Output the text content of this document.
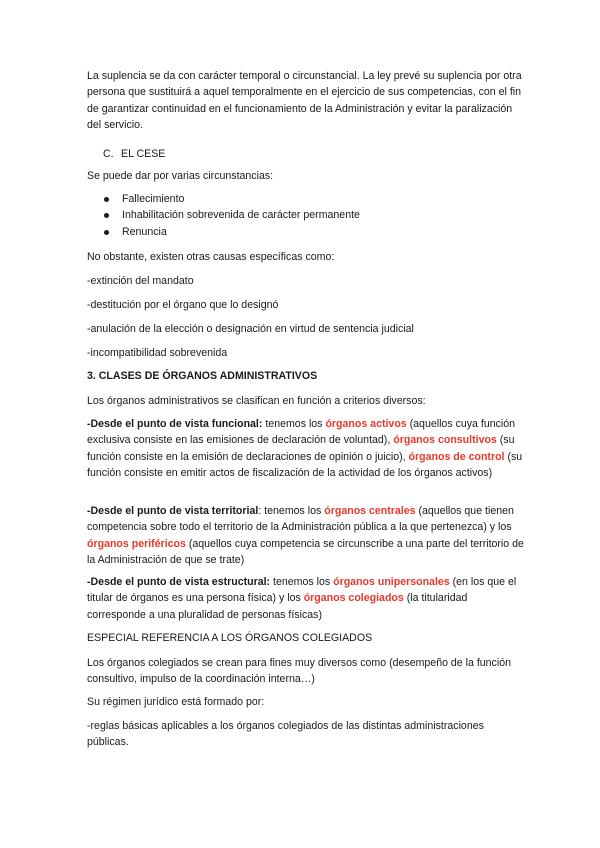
La suplencia se da con carácter temporal o circunstancial. La ley prevé su suplencia por otra persona que sustituirá a aquel temporalmente en el ejercicio de sus competencias, con el fin de garantizar continuidad en el funcionamiento de la Administración y evitar la paralización del servicio.

C. EL CESE

Se puede dar por varias circunstancias:

Fallecimiento
Inhabilitación sobrevenida de carácter permanente
Renuncia

No obstante, existen otras causas específicas como:

-extinción del mandato

-destitución por el órgano que lo designó

-anulación de la elección o designación en virtud de sentencia judicial

-incompatibilidad sobrevenida

3. CLASES DE ÓRGANOS ADMINISTRATIVOS

Los órganos administrativos se clasifican en función a criterios diversos:

-Desde el punto de vista funcional: tenemos los órganos activos (aquellos cuya función exclusiva consiste en las emisiones de declaración de voluntad), órganos consultivos (su función consiste en la emisión de declaraciones de opinión o juicio), órganos de control (su función consiste en emitir actos de fiscalización de la actividad de los órganos activos)

-Desde el punto de vista territorial: tenemos los órganos centrales (aquellos que tienen competencia sobre todo el territorio de la Administración pública a la que pertenezca) y los órganos periféricos (aquellos cuya competencia se circunscribe a una parte del territorio de la Administración de que se trate)

-Desde el punto de vista estructural: tenemos los órganos unipersonales (en los que el titular de órganos es una persona física) y los órganos colegiados (la titularidad corresponde a una pluralidad de personas físicas)

ESPECIAL REFERENCIA A LOS ÓRGANOS COLEGIADOS

Los órganos colegiados se crean para fines muy diversos como (desempeño de la función consultivo, impulso de la coordinación interna…)

Su régimen jurídico está formado por:

-reglas básicas aplicables a los órganos colegiados de las distintas administraciones públicas.
